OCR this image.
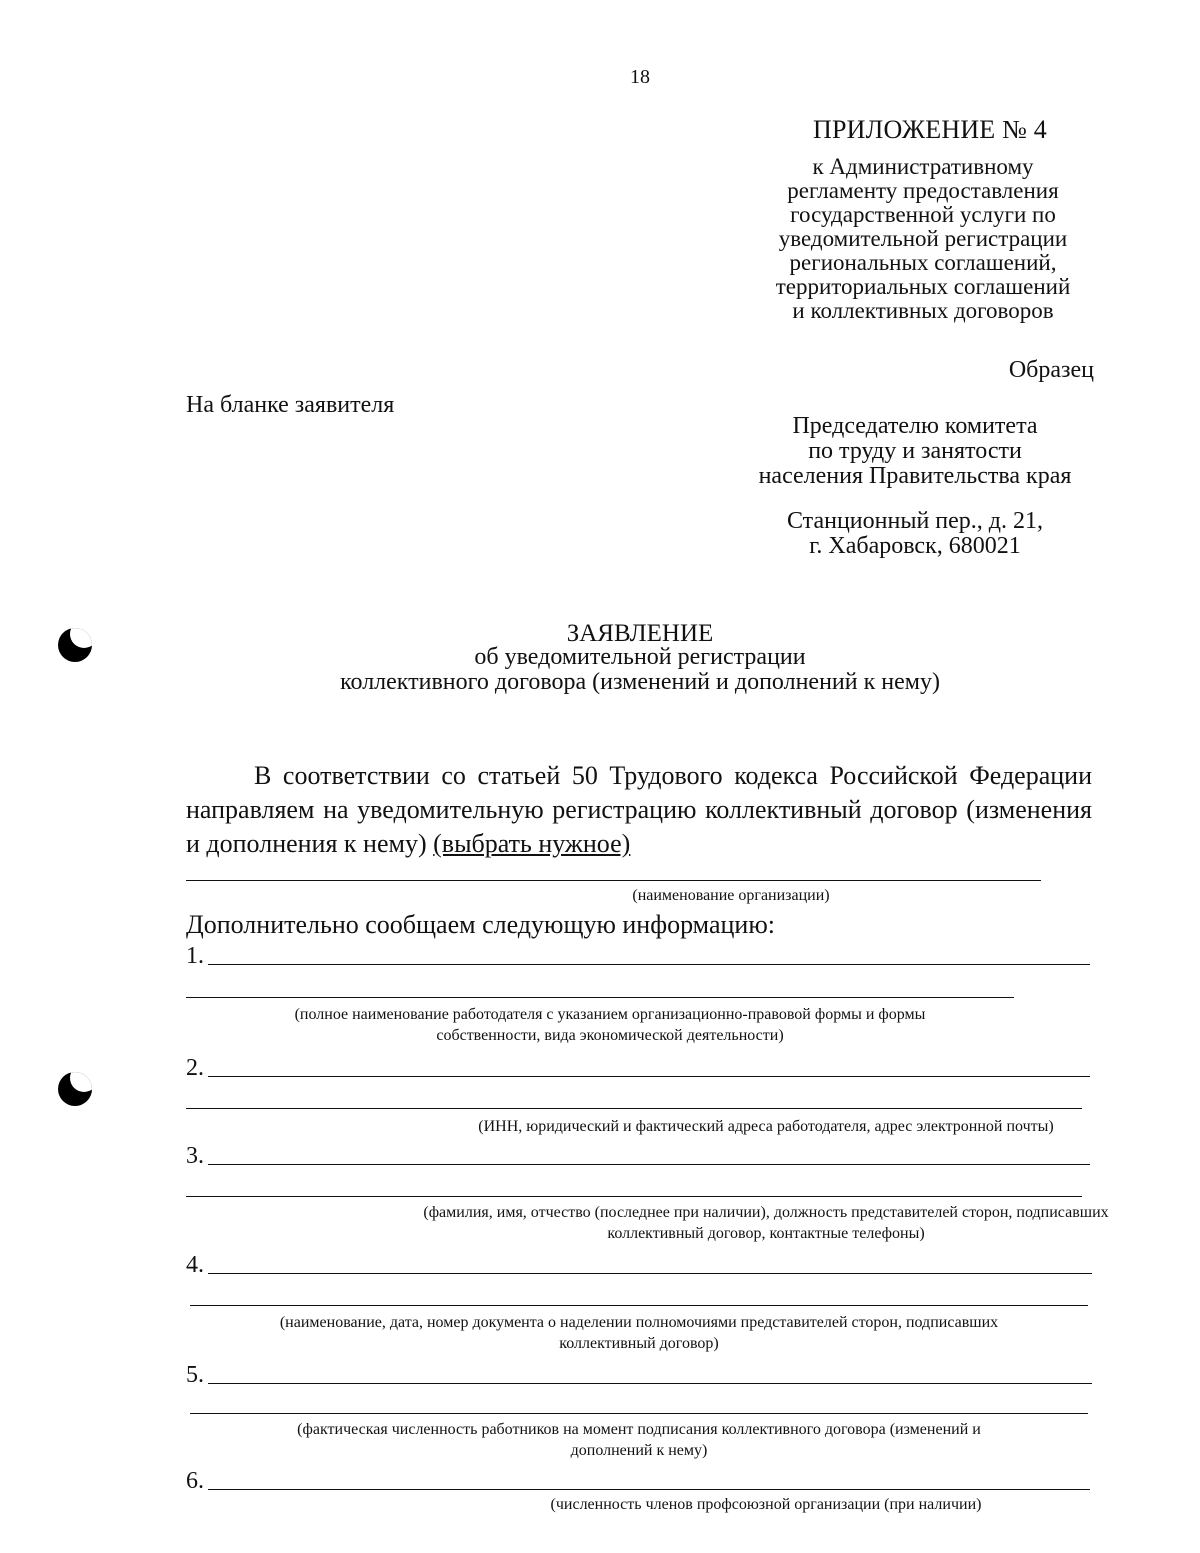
18
ПРИЛОЖЕНИЕ № 4
к Административному
регламенту предоставления
государственной услуги по
уведомительной регистрации
региональных соглашений,
территориальных соглашений
и коллективных договоров
Образец
На бланке заявителя
Председателю комитета
по труду и занятости
населения Правительства края
Станционный пер., д. 21,
г. Хабаровск, 680021
ЗАЯВЛЕНИЕ
об уведомительной регистрации
коллективного договора (изменений и дополнений к нему)
В соответствии со статьей 50 Трудового кодекса Российской Федерации направляем на уведомительную регистрацию коллективный договор (изменения и дополнения к нему) (выбрать нужное)
(наименование организации)
Дополнительно сообщаем следующую информацию:
1.
(полное наименование работодателя с указанием организационно-правовой формы и формы
собственности, вида экономической деятельности)
2.
(ИНН, юридический и фактический адреса работодателя, адрес электронной почты)
3.
(фамилия, имя, отчество (последнее при наличии), должность представителей сторон, подписавших
коллективный договор, контактные телефоны)
4.
(наименование, дата, номер документа о наделении полномочиями представителей сторон, подписавших
коллективный договор)
5.
(фактическая численность работников на момент подписания коллективного договора (изменений и
дополнений к нему)
6.
(численность членов профсоюзной организации (при наличии)
